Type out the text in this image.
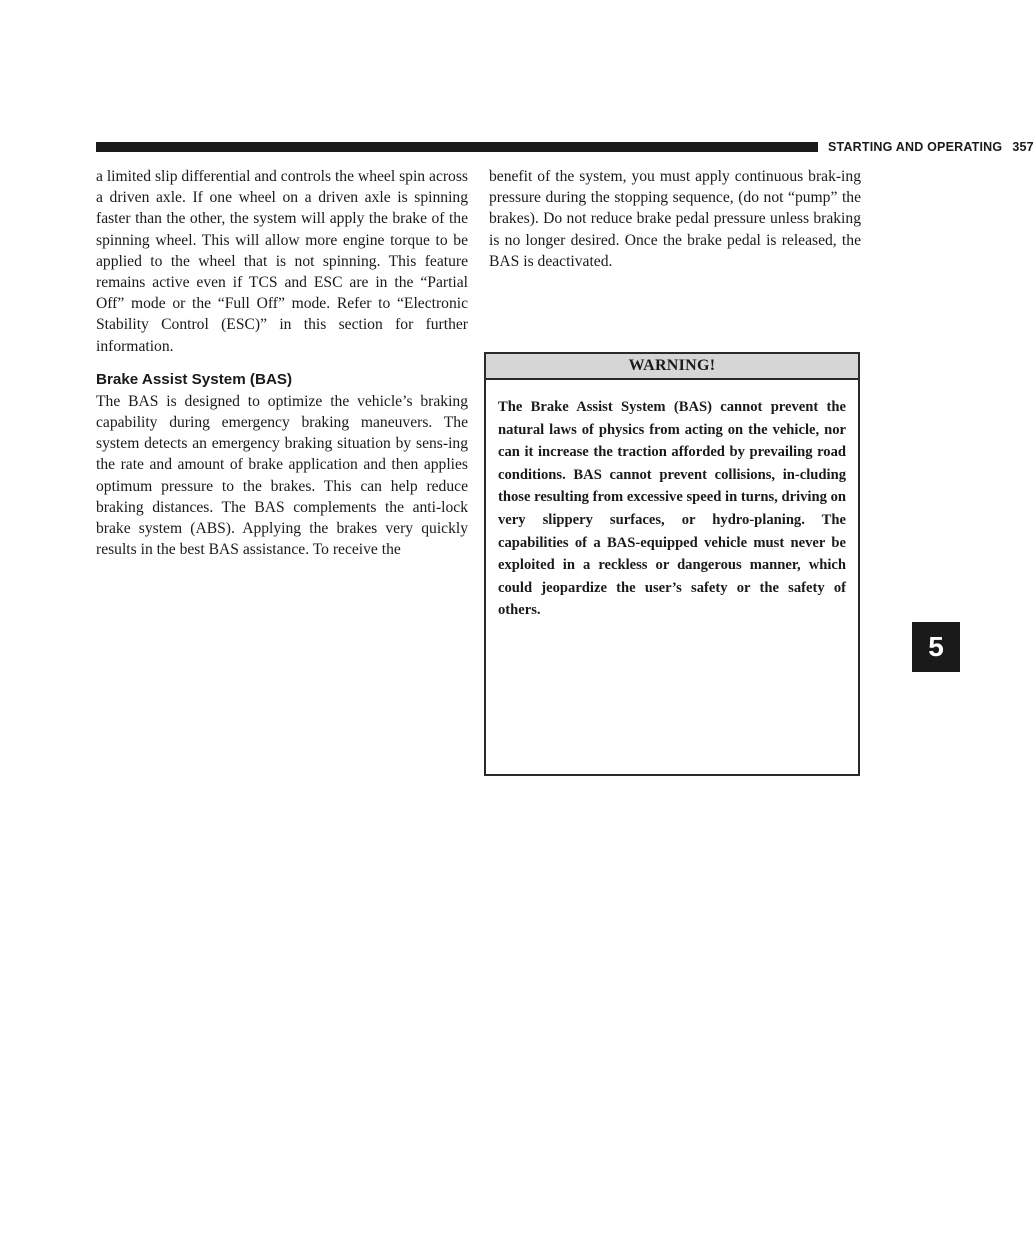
STARTING AND OPERATING 357

a limited slip differential and controls the wheel spin across a driven axle. If one wheel on a driven axle is spinning faster than the other, the system will apply the brake of the spinning wheel. This will allow more engine torque to be applied to the wheel that is not spinning. This feature remains active even if TCS and ESC are in the “Partial Off” mode or the “Full Off” mode. Refer to “Electronic Stability Control (ESC)” in this section for further information.

Brake Assist System (BAS)

The BAS is designed to optimize the vehicle’s braking capability during emergency braking maneuvers. The system detects an emergency braking situation by sens-ing the rate and amount of brake application and then applies optimum pressure to the brakes. This can help reduce braking distances. The BAS complements the anti-lock brake system (ABS). Applying the brakes very quickly results in the best BAS assistance. To receive the

benefit of the system, you must apply continuous brak-ing pressure during the stopping sequence, (do not “pump” the brakes). Do not reduce brake pedal pressure unless braking is no longer desired. Once the brake pedal is released, the BAS is deactivated.

WARNING!
The Brake Assist System (BAS) cannot prevent the natural laws of physics from acting on the vehicle, nor can it increase the traction afforded by prevailing road conditions. BAS cannot prevent collisions, in-cluding those resulting from excessive speed in turns, driving on very slippery surfaces, or hydro-planing. The capabilities of a BAS-equipped vehicle must never be exploited in a reckless or dangerous manner, which could jeopardize the user’s safety or the safety of others.
5
